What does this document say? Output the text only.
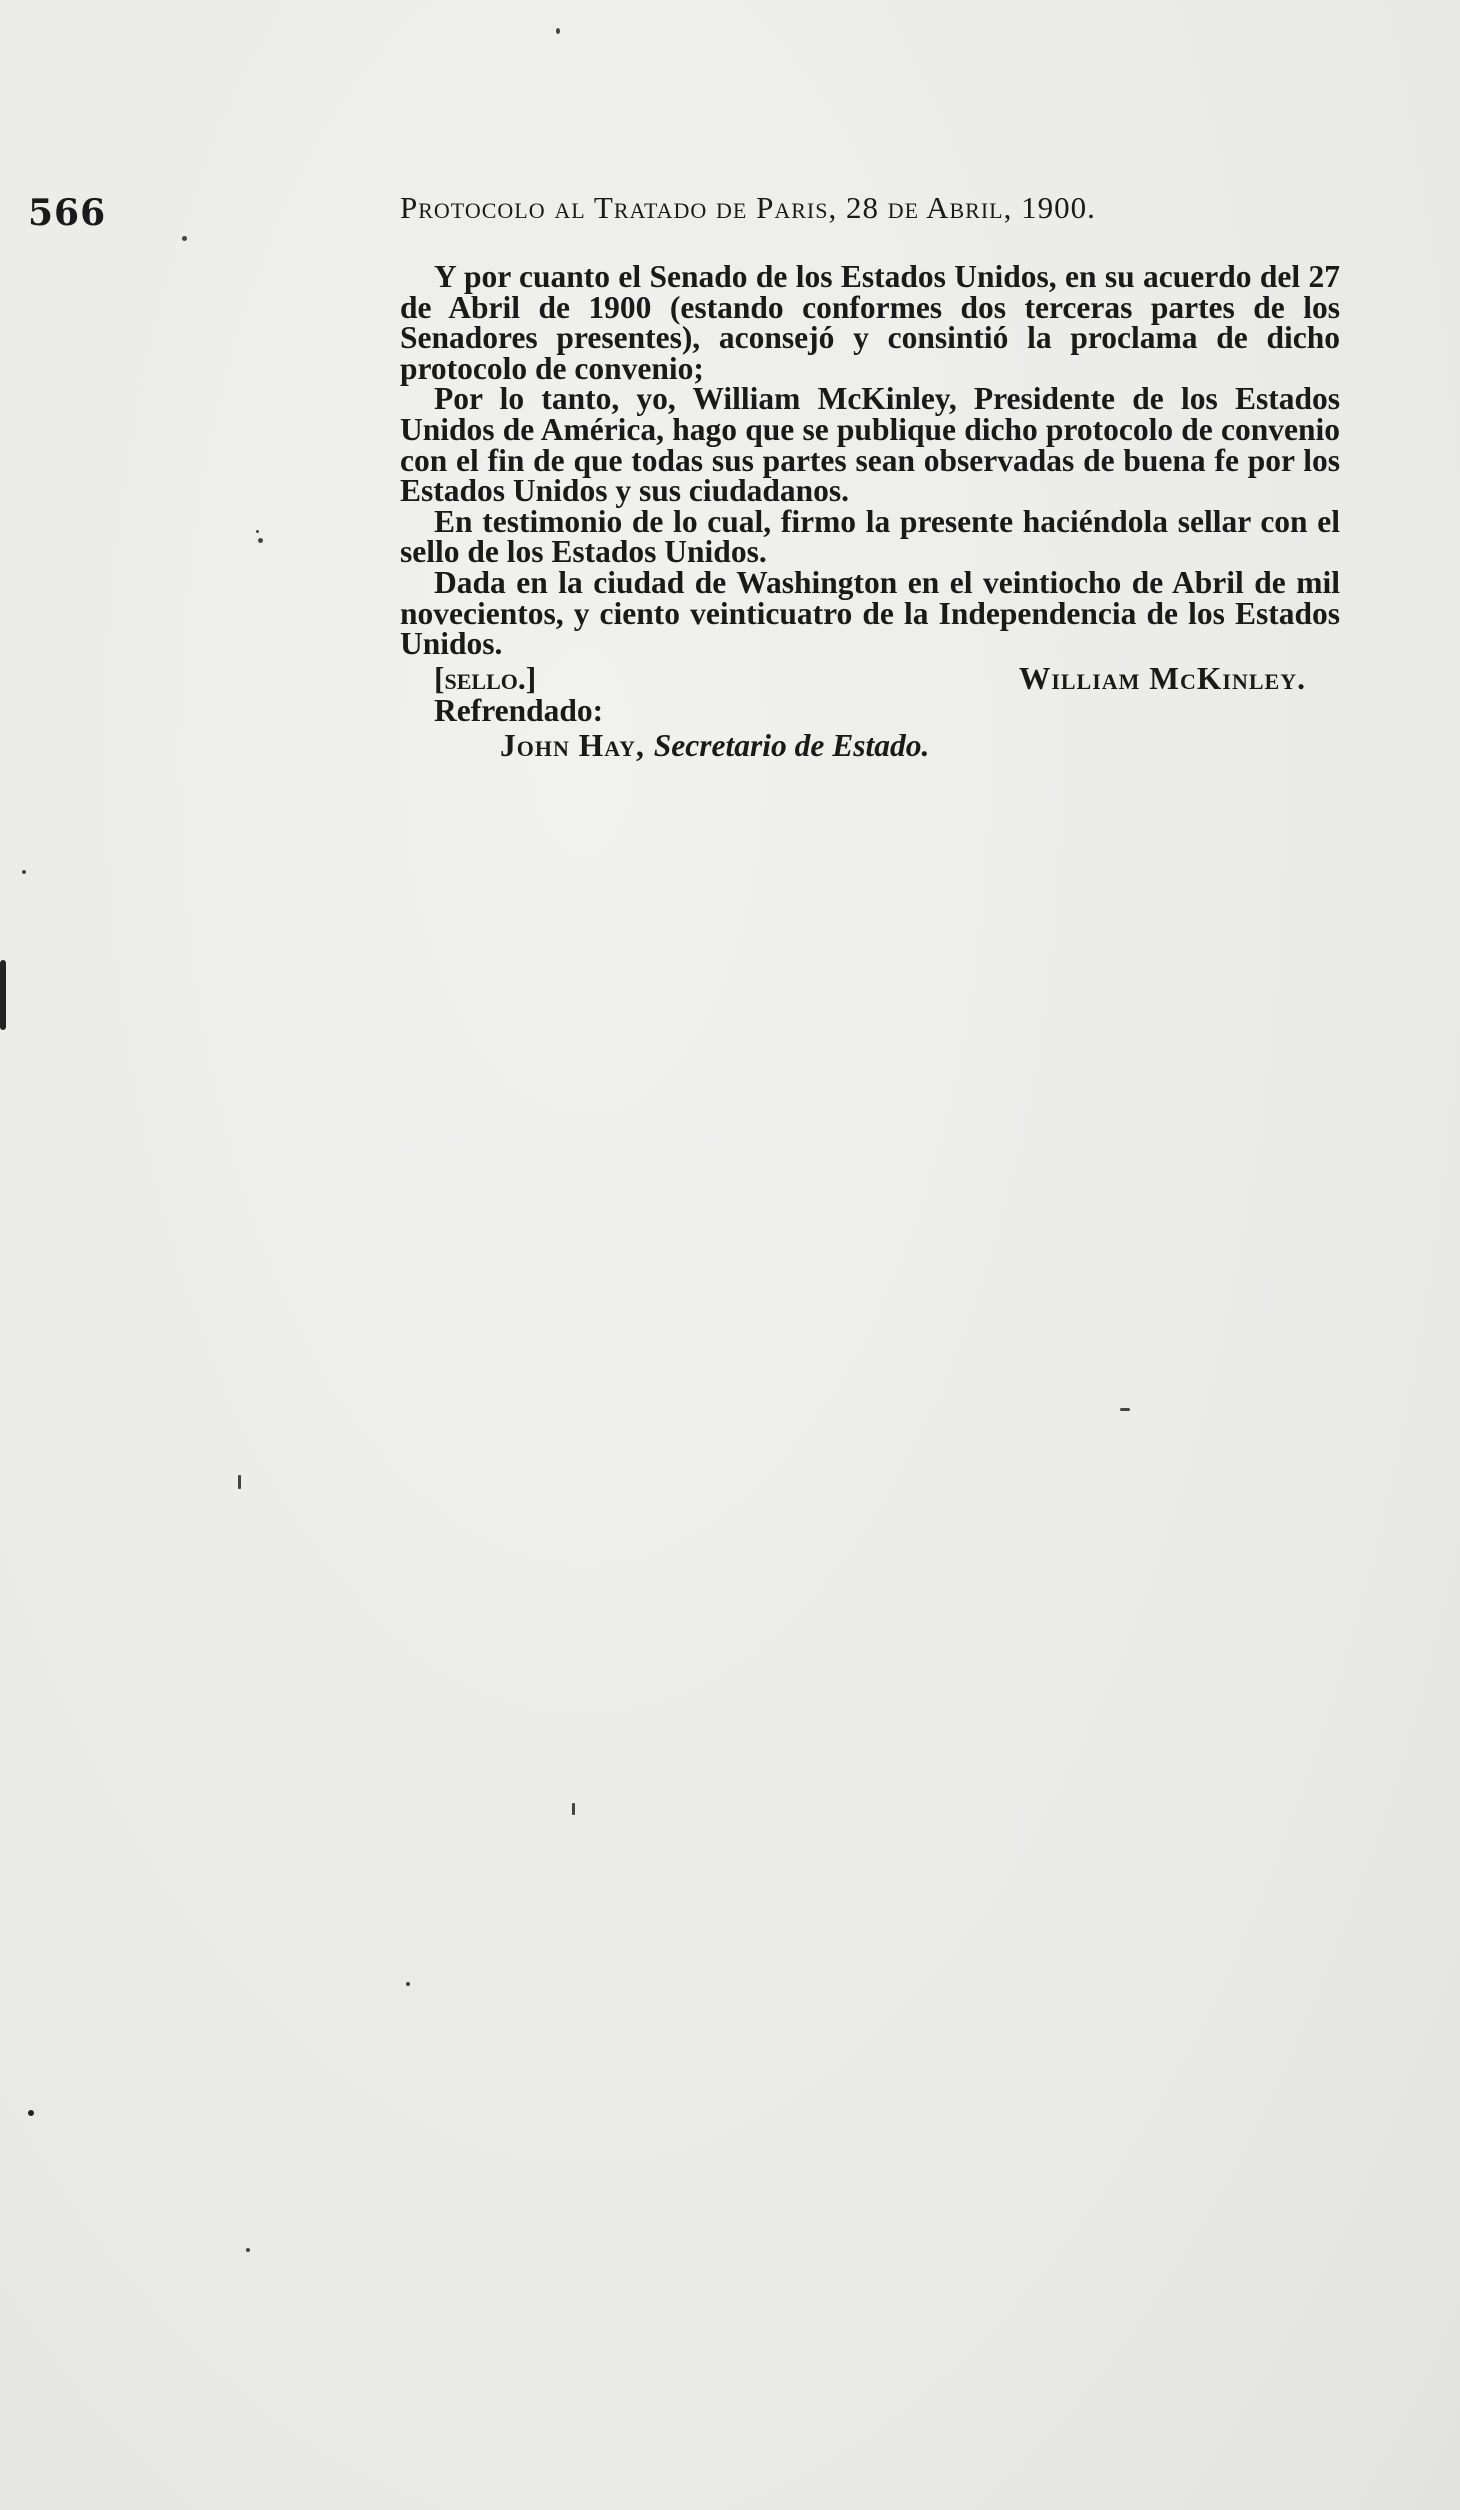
566	Protocolo al Tratado de Paris, 28 de Abril, 1900.

Y por cuanto el Senado de los Estados Unidos, en su acuerdo del 27 de Abril de 1900 (estando conformes dos terceras partes de los Senadores presentes), aconsejó y consintió la proclama de dicho protocolo de convenio;

Por lo tanto, yo, William McKinley, Presidente de los Estados Unidos de América, hago que se publique dicho protocolo de convenio con el fin de que todas sus partes sean observadas de buena fe por los Estados Unidos y sus ciudadanos.

En testimonio de lo cual, firmo la presente haciéndola sellar con el sello de los Estados Unidos.

Dada en la ciudad de Washington en el veintiocho de Abril de mil novecientos, y ciento veinticuatro de la Independencia de los Estados Unidos.

[sello.]	William McKinley.
Refrendado:
John Hay, Secretario de Estado.
